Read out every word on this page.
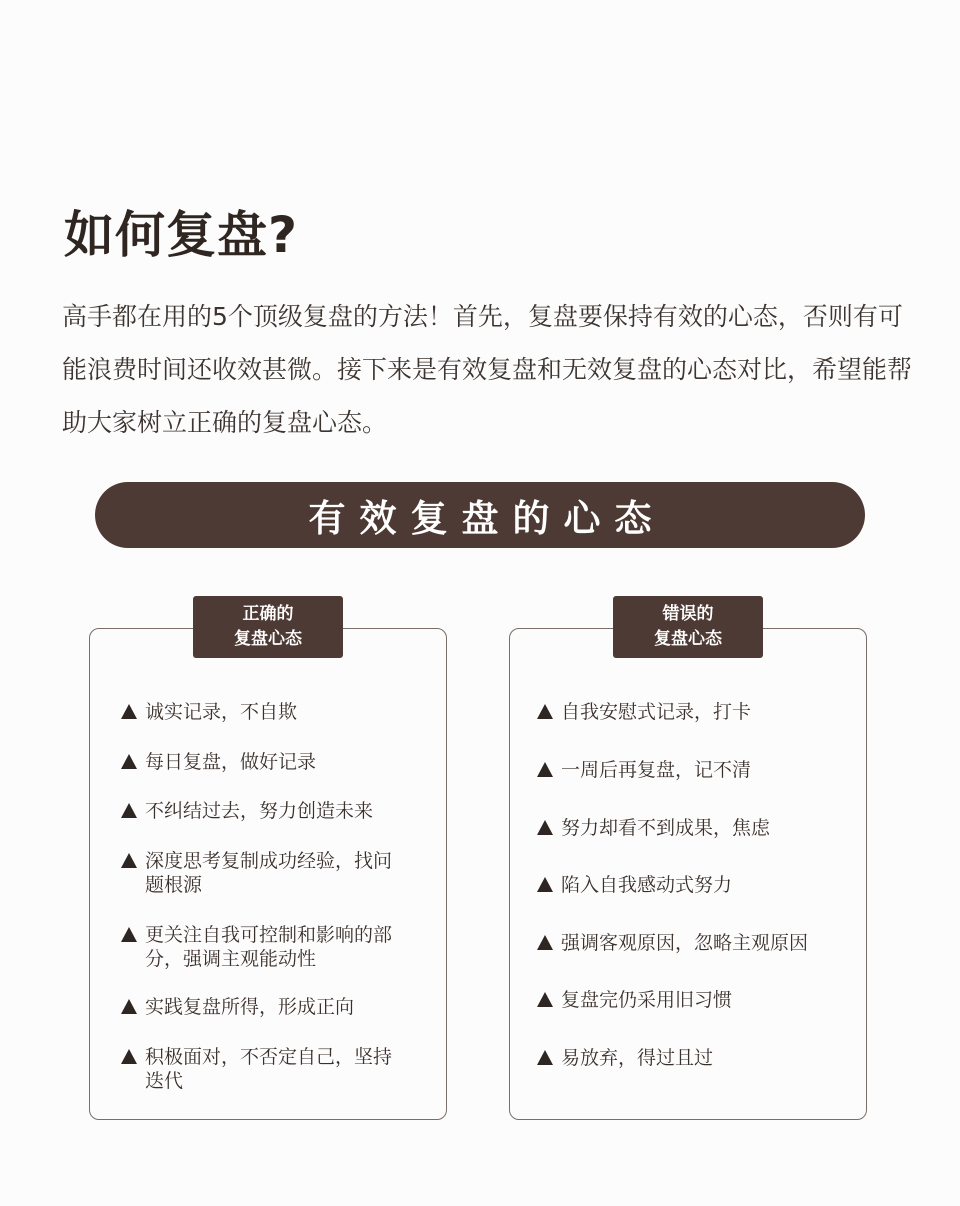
如何复盘?

高手都在用的5个顶级复盘的方法！首先，复盘要保持有效的心态，否则有可能浪费时间还收效甚微。接下来是有效复盘和无效复盘的心态对比，希望能帮助大家树立正确的复盘心态。

有效复盘的心态
正确的
复盘心态
诚实记录，不自欺
每日复盘，做好记录
不纠结过去，努力创造未来
深度思考复制成功经验，找问题根源
更关注自我可控制和影响的部分，强调主观能动性
实践复盘所得，形成正向
积极面对，不否定自己，坚持迭代
错误的
复盘心态
自我安慰式记录，打卡
一周后再复盘，记不清
努力却看不到成果，焦虑
陷入自我感动式努力
强调客观原因，忽略主观原因
复盘完仍采用旧习惯
易放弃，得过且过
